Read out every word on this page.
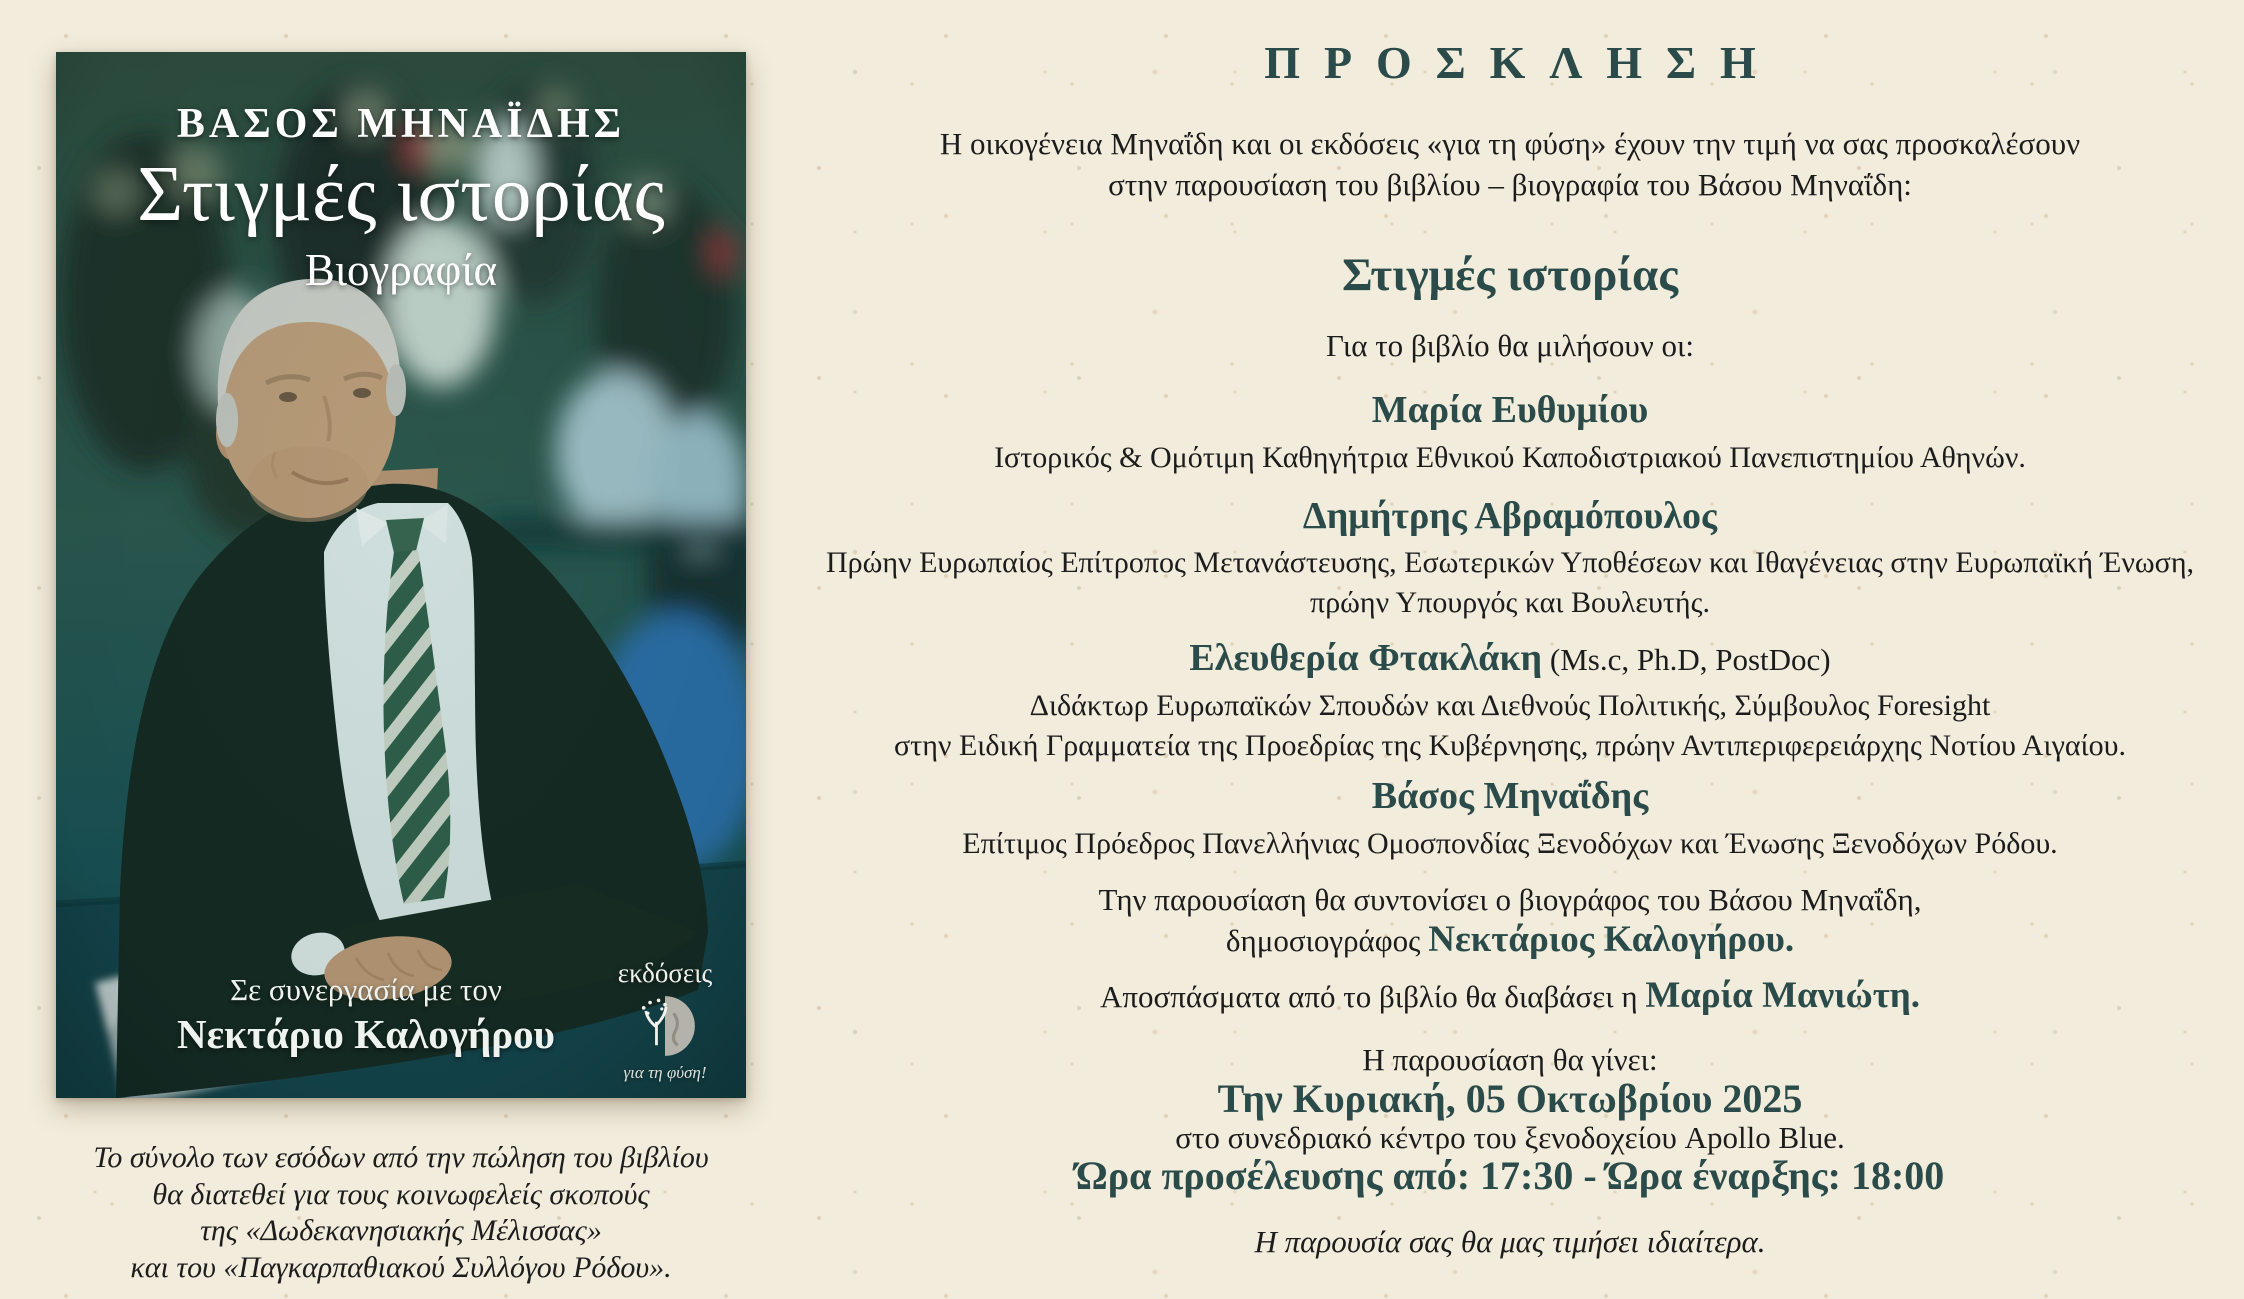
ΒΑΣΟΣ ΜΗΝΑΪΔΗΣ
Στιγμές ιστορίας
Βιογραφία
Σε συνεργασία με τον
Νεκτάριο Καλογήρου
εκδόσεις
για τη φύση!
Το σύνολο των εσόδων από την πώληση του βιβλίου
θα διατεθεί για τους κοινωφελείς σκοπούς
της «Δωδεκανησιακής Μέλισσας»
και του «Παγκαρπαθιακού Συλλόγου Ρόδου».
ΠΡΟΣΚΛΗΣΗ
Η οικογένεια Μηναΐδη και οι εκδόσεις «για τη φύση» έχουν την τιμή να σας προσκαλέσουν
στην παρουσίαση του βιβλίου – βιογραφία του Βάσου Μηναΐδη:
Στιγμές ιστορίας
Για το βιβλίο θα μιλήσουν οι:
Μαρία Ευθυμίου
Ιστορικός & Ομότιμη Καθηγήτρια Εθνικού Καποδιστριακού Πανεπιστημίου Αθηνών.
Δημήτρης Αβραμόπουλος
Πρώην Ευρωπαίος Επίτροπος Μετανάστευσης, Εσωτερικών Υποθέσεων και Ιθαγένειας στην Ευρωπαϊκή Ένωση,
πρώην Υπουργός και Βουλευτής.
Ελευθερία Φτακλάκη (Ms.c, Ph.D, PostDoc)
Διδάκτωρ Ευρωπαϊκών Σπουδών και Διεθνούς Πολιτικής, Σύμβουλος Foresight
στην Ειδική Γραμματεία της Προεδρίας της Κυβέρνησης, πρώην Αντιπεριφερειάρχης Νοτίου Αιγαίου.
Βάσος Μηναΐδης
Επίτιμος Πρόεδρος Πανελλήνιας Ομοσπονδίας Ξενοδόχων και Ένωσης Ξενοδόχων Ρόδου.
Την παρουσίαση θα συντονίσει ο βιογράφος του Βάσου Μηναΐδη,
δημοσιογράφος Νεκτάριος Καλογήρου.
Αποσπάσματα από το βιβλίο θα διαβάσει η Μαρία Μανιώτη.
Η παρουσίαση θα γίνει:
Την Κυριακή, 05 Οκτωβρίου 2025
στο συνεδριακό κέντρο του ξενοδοχείου Apollo Blue.
Ώρα προσέλευσης από: 17:30 - Ώρα έναρξης: 18:00
Η παρουσία σας θα μας τιμήσει ιδιαίτερα.
